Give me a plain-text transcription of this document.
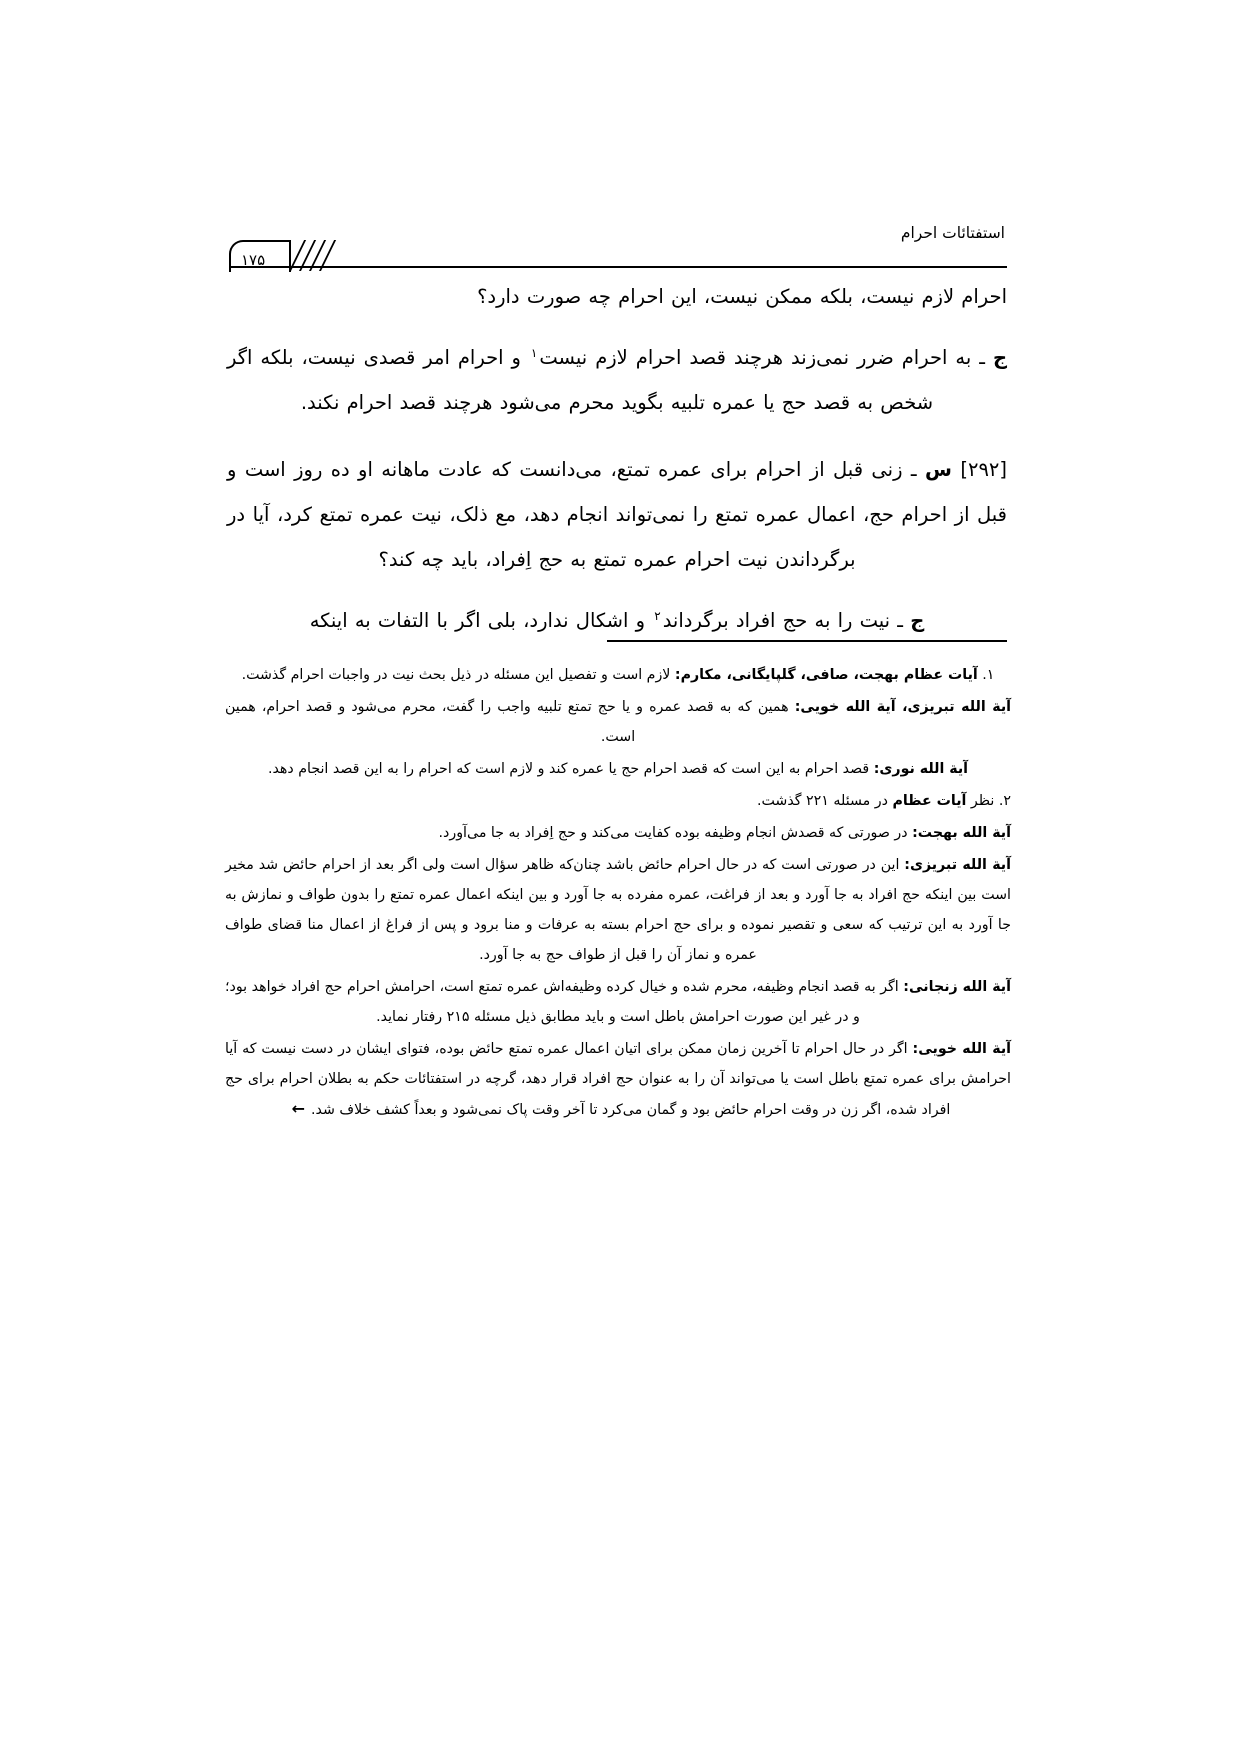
استفتائات احرام
۱۷۵

احرام لازم نیست، بلکه ممکن نیست، این احرام چه صورت دارد؟

ج ـ به احرام ضرر نمی‌زند هرچند قصد احرام لازم نیست$^۱$ و احرام امر قصدی نیست، بلکه اگر شخص به قصد حج یا عمره تلبیه بگوید محرم می‌شود هرچند قصد احرام نکند.

[۲۹۲] س ـ زنی قبل از احرام برای عمره تمتع، می‌دانست که عادت ماهانه او ده روز است و قبل از احرام حج، اعمال عمره تمتع را نمی‌تواند انجام دهد، مع ذلک، نیت عمره تمتع کرد، آیا در برگرداندن نیت احرام عمره تمتع به حج اِفراد، باید چه کند؟

ج ـ نیت را به حج افراد برگرداند$^۲$ و اشکال ندارد، بلی اگر با التفات به اینکه

۱. آیات عظام بهجت، صافی، گلپایگانی، مکارم: لازم است و تفصیل این مسئله در ذیل بحث نیت در واجبات احرام گذشت.

آیة الله تبریزی، آیة الله خویی: همین که به قصد عمره و یا حج تمتع تلبیه واجب را گفت، محرم می‌شود و قصد احرام، همین است.

آیة الله نوری: قصد احرام به این است که قصد احرام حج یا عمره کند و لازم است که احرام را به این قصد انجام دهد.

۲. نظر آیات عظام در مسئله ۲۲۱ گذشت.

آیة الله بهجت: در صورتی که قصدش انجام وظیفه بوده کفایت می‌کند و حج اِفراد به جا می‌آورد.

آیة الله تبریزی: این در صورتی است که در حال احرام حائض باشد چنان‌که ظاهر سؤال است ولی اگر بعد از احرام حائض شد مخیر است بین اینکه حج افراد به جا آورد و بعد از فراغت، عمره مفرده به جا آورد و بین اینکه اعمال عمره تمتع را بدون طواف و نمازش به جا آورد به این ترتیب که سعی و تقصیر نموده و برای حج احرام بسته به عرفات و منا برود و پس از فراغ از اعمال منا قضای طواف عمره و نماز آن را قبل از طواف حج به جا آورد.

آیة الله زنجانی: اگر به قصد انجام وظیفه، محرم شده و خیال کرده وظیفه‌اش عمره تمتع است، احرامش احرام حج افراد خواهد بود؛ و در غیر این صورت احرامش باطل است و باید مطابق ذیل مسئله ۲۱۵ رفتار نماید.

آیة الله خویی: اگر در حال احرام تا آخرین زمان ممکن برای اتیان اعمال عمره تمتع حائض بوده، فتوای ایشان در دست نیست که آیا احرامش برای عمره تمتع باطل است یا می‌تواند آن را به عنوان حج افراد قرار دهد، گرچه در استفتائات حکم به بطلان احرام برای حج افراد شده، اگر زن در وقت احرام حائض بود و گمان می‌کرد تا آخر وقت پاک نمی‌شود و بعداً کشف خلاف شد.←
